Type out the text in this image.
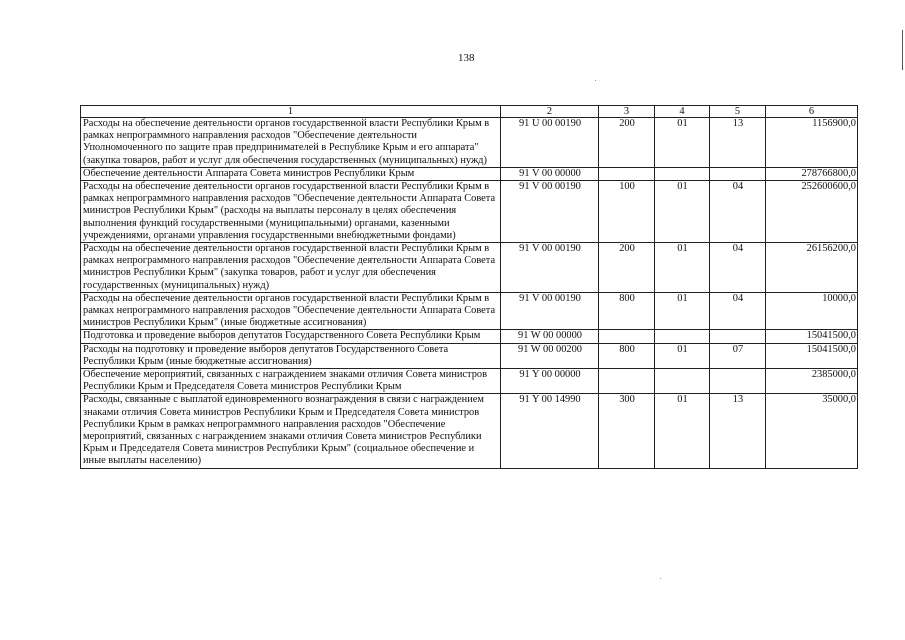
138
1	2	3	4	5	6
Расходы на обеспечение деятельности органов государственной власти Республики Крым в рамках непрограммного направления расходов "Обеспечение деятельности Уполномоченного по защите прав предпринимателей в Республике Крым и его аппарата" (закупка товаров, работ и услуг для обеспечения государственных (муниципальных) нужд)	91 U 00 00190	200	01	13	1156900,0
Обеспечение деятельности Аппарата Совета министров Республики Крым	91 V 00 00000				278766800,0
Расходы на обеспечение деятельности органов государственной власти Республики Крым в рамках непрограммного направления расходов "Обеспечение деятельности Аппарата Совета министров Республики Крым" (расходы на выплаты персоналу в целях обеспечения выполнения функций государственными (муниципальными) органами, казенными учреждениями, органами управления государственными внебюджетными фондами)	91 V 00 00190	100	01	04	252600600,0
Расходы на обеспечение деятельности органов государственной власти Республики Крым в рамках непрограммного направления расходов "Обеспечение деятельности Аппарата Совета министров Республики Крым" (закупка товаров, работ и услуг для обеспечения государственных (муниципальных) нужд)	91 V 00 00190	200	01	04	26156200,0
Расходы на обеспечение деятельности органов государственной власти Республики Крым в рамках непрограммного направления расходов "Обеспечение деятельности Аппарата Совета министров Республики Крым" (иные бюджетные ассигнования)	91 V 00 00190	800	01	04	10000,0
Подготовка и проведение выборов депутатов Государственного Совета Республики Крым	91 W 00 00000				15041500,0
Расходы на подготовку и проведение выборов депутатов Государственного Совета Республики Крым (иные бюджетные ассигнования)	91 W 00 00200	800	01	07	15041500,0
Обеспечение мероприятий, связанных с награждением знаками отличия Совета министров Республики Крым и Председателя Совета министров Республики Крым	91 Y 00 00000				2385000,0
Расходы, связанные с выплатой единовременного вознаграждения в связи с награждением знаками отличия Совета министров Республики Крым и Председателя Совета министров Республики Крым в рамках непрограммного направления расходов "Обеспечение мероприятий, связанных с награждением знаками отличия Совета министров Республики Крым и Председателя Совета министров Республики Крым" (социальное обеспечение и иные выплаты населению)	91 Y 00 14990	300	01	13	35000,0
